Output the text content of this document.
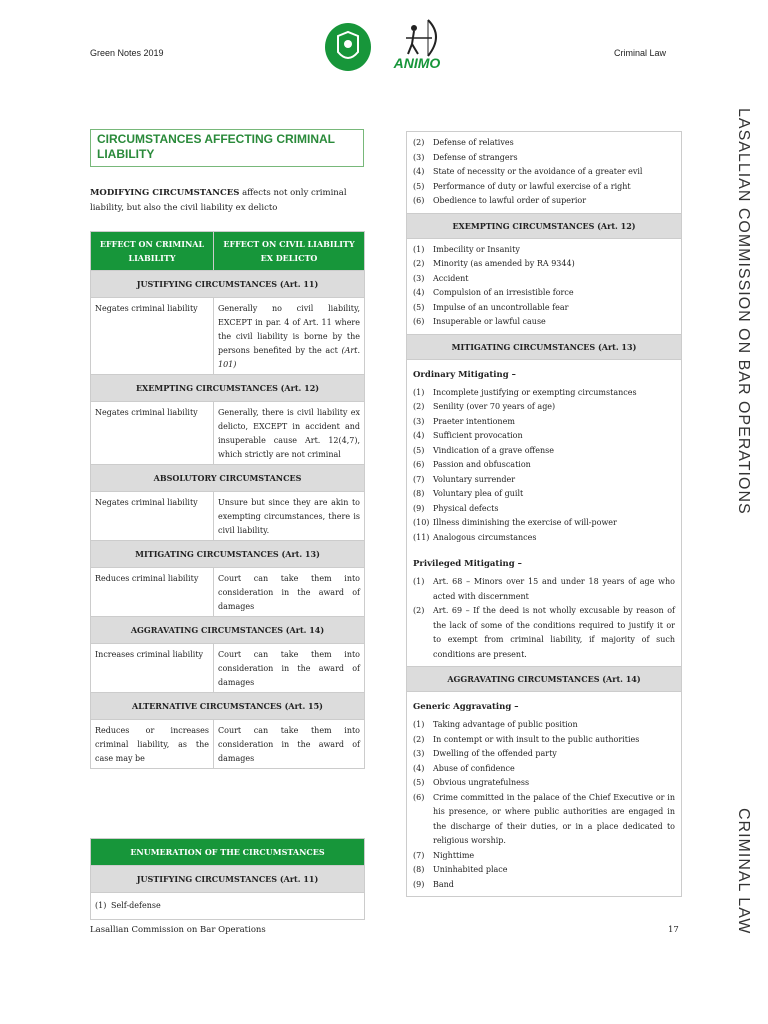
Green Notes 2019	Criminal Law
ANIMO
LASALLIAN COMMISSION ON BAR OPERATIONS
CRIMINAL LAW
CIRCUMSTANCES AFFECTING CRIMINAL LIABILITY
MODIFYING CIRCUMSTANCES affects not only criminal liability, but also the civil liability ex delicto
EFFECT ON CRIMINAL LIABILITY	EFFECT ON CIVIL LIABILITY EX DELICTO
JUSTIFYING CIRCUMSTANCES (Art. 11)	
Negates criminal liability	Generally no civil liability, EXCEPT in par. 4 of Art. 11 where the civil liability is borne by the persons benefited by the act (Art. 101)
EXEMPTING CIRCUMSTANCES (Art. 12)	
Negates criminal liability	Generally, there is civil liability ex delicto, EXCEPT in accident and insuperable cause Art. 12(4,7), which strictly are not criminal
ABSOLUTORY CIRCUMSTANCES	
Negates criminal liability	Unsure but since they are akin to exempting circumstances, there is civil liability.
MITIGATING CIRCUMSTANCES (Art. 13)	
Reduces criminal liability	Court can take them into consideration in the award of damages
AGGRAVATING CIRCUMSTANCES (Art. 14)	
Increases criminal liability	Court can take them into consideration in the award of damages
ALTERNATIVE CIRCUMSTANCES (Art. 15)	
Reduces or increases criminal liability, as the case may be	Court can take them into consideration in the award of damages
ENUMERATION OF THE CIRCUMSTANCES
JUSTIFYING CIRCUMSTANCES (Art. 11)
(1) Self-defense
(2)	Defense of relatives
(3)	Defense of strangers
(4)	State of necessity or the avoidance of a greater evil
(5)	Performance of duty or lawful exercise of a right
(6)	Obedience to lawful order of superior
EXEMPTING CIRCUMSTANCES (Art. 12)
(1)	Imbecility or Insanity
(2)	Minority (as amended by RA 9344)
(3)	Accident
(4)	Compulsion of an irresistible force
(5)	Impulse of an uncontrollable fear
(6)	Insuperable or lawful cause
MITIGATING CIRCUMSTANCES (Art. 13)
Ordinary Mitigating –
(1)	Incomplete justifying or exempting circumstances
(2)	Senility (over 70 years of age)
(3)	Praeter intentionem
(4)	Sufficient provocation
(5)	Vindication of a grave offense
(6)	Passion and obfuscation
(7)	Voluntary surrender
(8)	Voluntary plea of guilt
(9)	Physical defects
(10) Illness diminishing the exercise of will-power
(11) Analogous circumstances
Privileged Mitigating –
(1)	Art. 68 – Minors over 15 and under 18 years of age who acted with discernment
(2)	Art. 69 – If the deed is not wholly excusable by reason of the lack of some of the conditions required to justify it or to exempt from criminal liability, if majority of such conditions are present.
AGGRAVATING CIRCUMSTANCES (Art. 14)
Generic Aggravating –
(1)	Taking advantage of public position
(2)	In contempt or with insult to the public authorities
(3)	Dwelling of the offended party
(4)	Abuse of confidence
(5)	Obvious ungratefulness
(6)	Crime committed in the palace of the Chief Executive or in his presence, or where public authorities are engaged in the discharge of their duties, or in a place dedicated to religious worship.
(7)	Nighttime
(8)	Uninhabited place
(9)	Band
Lasallian Commission on Bar Operations	17
